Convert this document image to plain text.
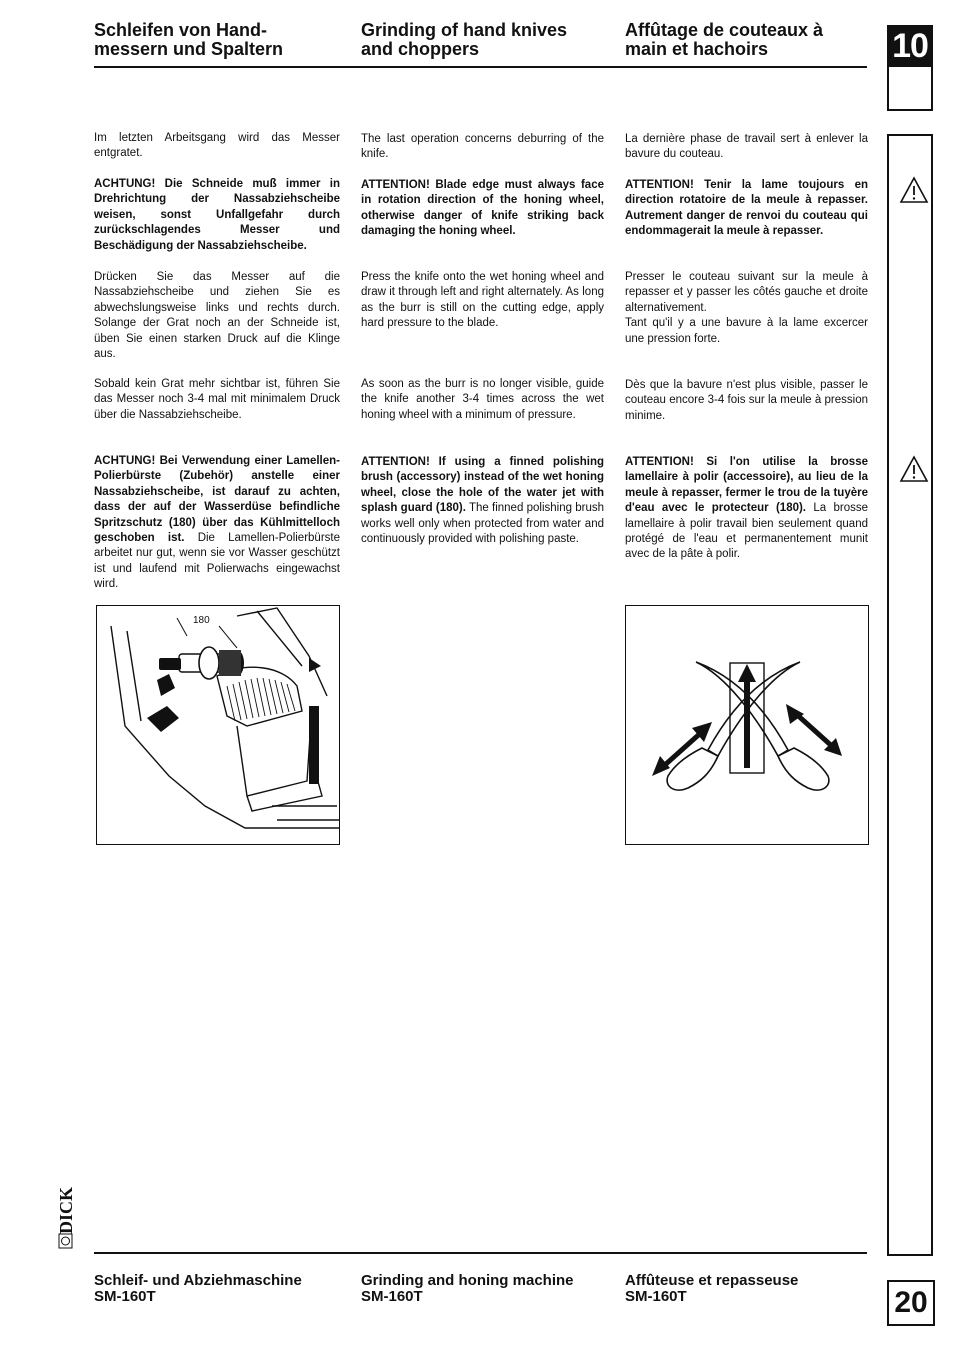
Schleifen von Hand-
messern und Spaltern
Grinding of hand knives
and choppers
Affûtage de couteaux à
main et hachoirs	10
Im letzten Arbeitsgang wird das Messer entgratet.
ACHTUNG! Die Schneide muß immer in Drehrichtung der Nassabziehscheibe weisen, sonst Unfallgefahr durch zurückschlagendes Messer und Beschädigung der Nassabziehscheibe.
Drücken Sie das Messer auf die Nassabziehscheibe und ziehen Sie es abwechslungsweise links und rechts durch. Solange der Grat noch an der Schneide ist, üben Sie einen starken Druck auf die Klinge aus.
Sobald kein Grat mehr sichtbar ist, führen Sie das Messer noch 3-4 mal mit minimalem Druck über die Nassabziehscheibe.
ACHTUNG! Bei Verwendung einer Lamellen-Polierbürste (Zubehör) anstelle einer Nassabziehscheibe, ist darauf zu achten, dass der auf der Wasserdüse befindliche Spritzschutz (180) über das Kühlmittelloch geschoben ist. Die Lamellen-Polierbürste arbeitet nur gut, wenn sie vor Wasser geschützt ist und laufend mit Polierwachs eingewachst wird.
The last operation concerns deburring of the knife.
ATTENTION! Blade edge must always face in rotation direction of the honing wheel, otherwise danger of knife striking back damaging the honing wheel.
Press the knife onto the wet honing wheel and draw it through left and right alternately. As long as the burr is still on the cutting edge, apply hard pressure to the blade.
As soon as the burr is no longer visible, guide the knife another 3-4 times across the wet honing wheel with a minimum of pressure.
ATTENTION! If using a finned polishing brush (accessory) instead of the wet honing wheel, close the hole of the water jet with splash guard (180). The finned polishing brush works well only when protected from water and continuously provided with polishing paste.
La dernière phase de travail sert à enlever la bavure du couteau.
ATTENTION! Tenir la lame toujours en direction rotatoire de la meule à repasser. Autrement danger de renvoi du couteau qui endommagerait la meule à repasser.
Presser le couteau suivant sur la meule à repasser et y passer les côtés gauche et droite alternativement.
Tant qu'il y a une bavure à la lame excercer une pression forte.
Dès que la bavure n'est plus visible, passer le couteau encore 3-4 fois sur la meule à pression minime.
ATTENTION! Si l'on utilise la brosse lamellaire à polir (accessoire), au lieu de la meule à repasser, fermer le trou de la tuyère d'eau avec le protecteur (180). La brosse lamellaire à polir travail bien seulement quand protégé de l'eau et permanentement munit avec de la pâte à polir.
180
DICK
Schleif- und Abziehmaschine
SM-160T
Grinding and honing machine
SM-160T
Affûteuse et repasseuse
SM-160T	20
